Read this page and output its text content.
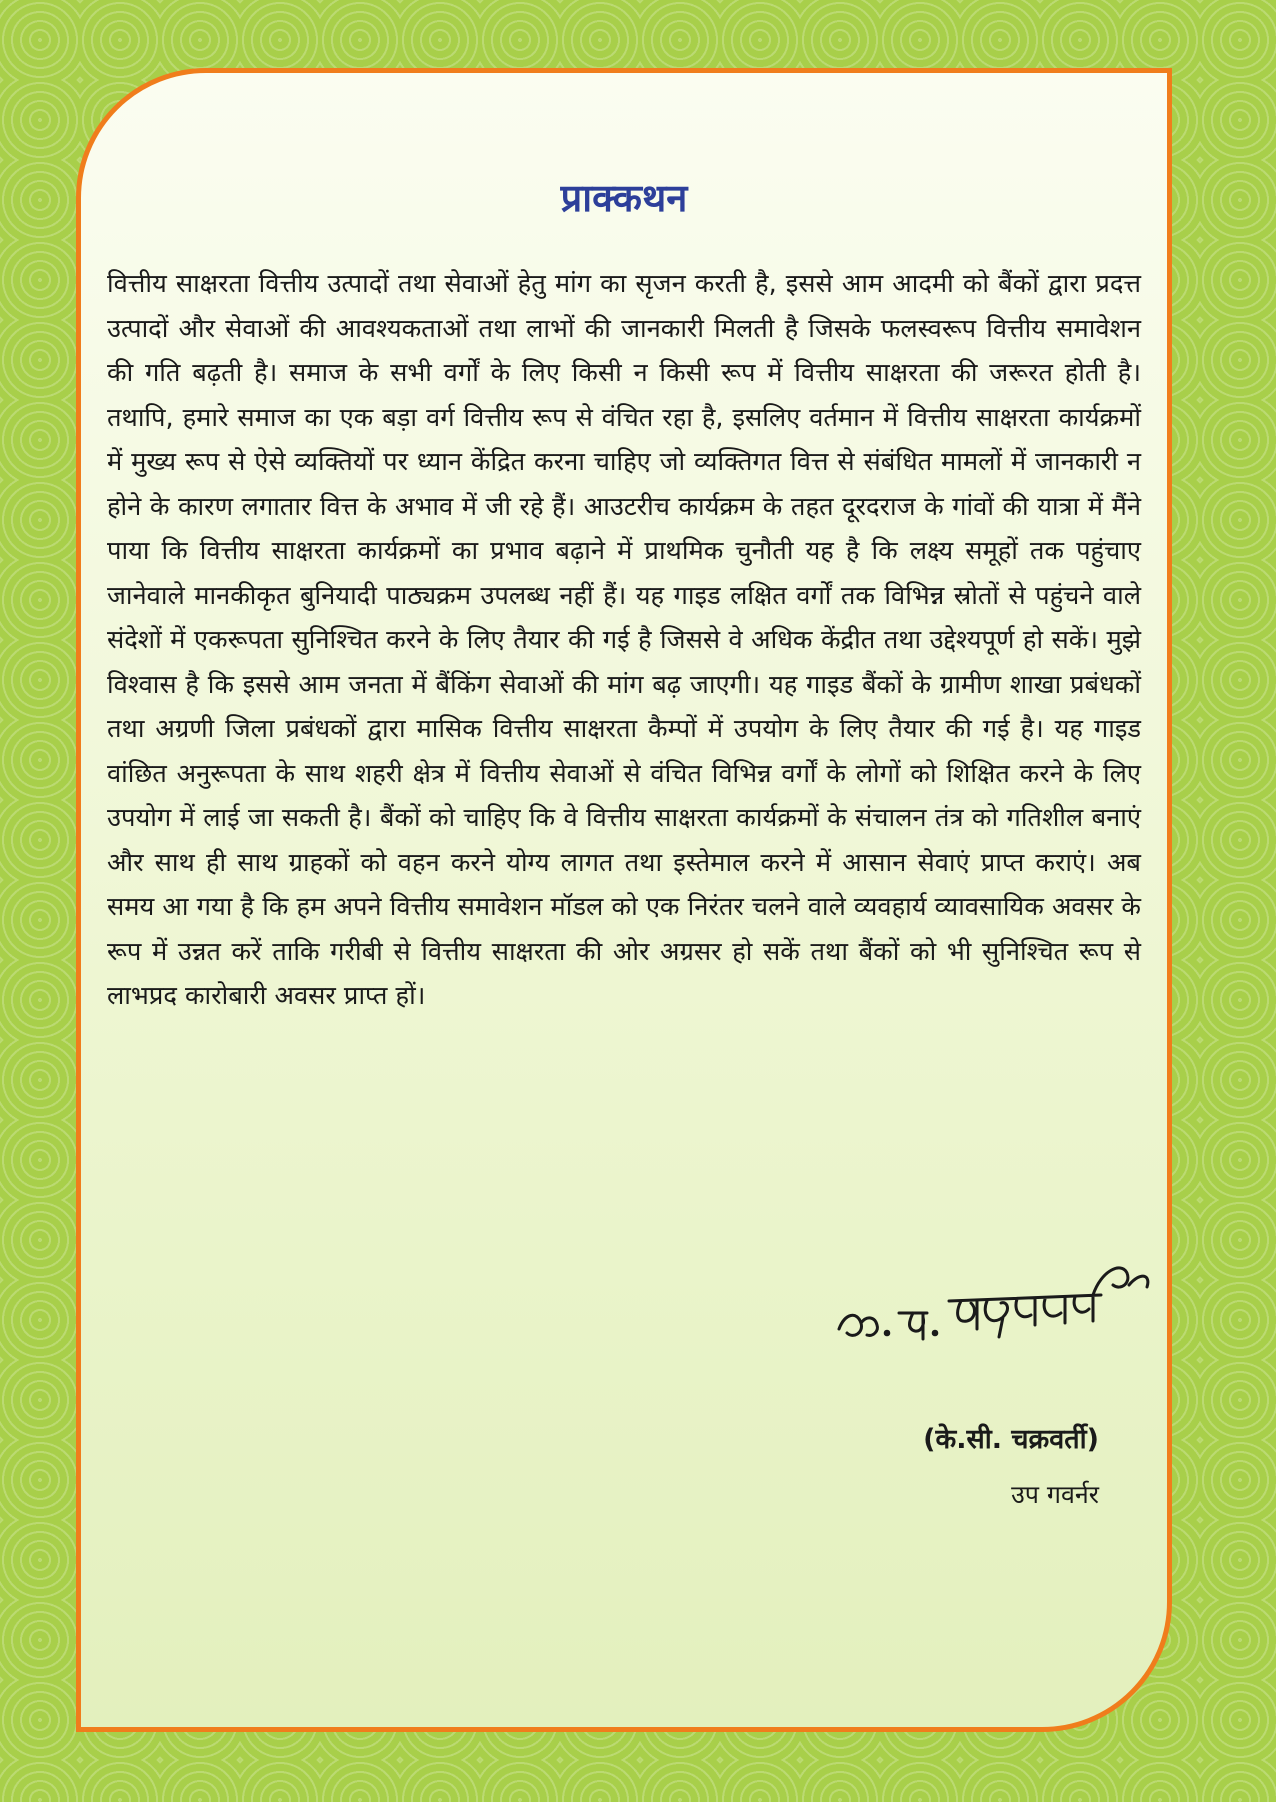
प्राक्कथन

वित्तीय साक्षरता वित्तीय उत्पादों तथा सेवाओं हेतु मांग का सृजन करती है, इससे आम आदमी को बैंकों द्वारा प्रदत्त उत्पादों और सेवाओं की आवश्यकताओं तथा लाभों की जानकारी मिलती है जिसके फलस्वरूप वित्तीय समावेशन की गति बढ़ती है। समाज के सभी वर्गों के लिए किसी न किसी रूप में वित्तीय साक्षरता की जरूरत होती है। तथापि, हमारे समाज का एक बड़ा वर्ग वित्तीय रूप से वंचित रहा है, इसलिए वर्तमान में वित्तीय साक्षरता कार्यक्रमों में मुख्य रूप से ऐसे व्यक्तियों पर ध्यान केंद्रित करना चाहिए जो व्यक्तिगत वित्त से संबंधित मामलों में जानकारी न होने के कारण लगातार वित्त के अभाव में जी रहे हैं। आउटरीच कार्यक्रम के तहत दूरदराज के गांवों की यात्रा में मैंने पाया कि वित्तीय साक्षरता कार्यक्रमों का प्रभाव बढ़ाने में प्राथमिक चुनौती यह है कि लक्ष्य समूहों तक पहुंचाए जानेवाले मानकीकृत बुनियादी पाठ्यक्रम उपलब्ध नहीं हैं। यह गाइड लक्षित वर्गों तक विभिन्न स्रोतों से पहुंचने वाले संदेशों में एकरूपता सुनिश्चित करने के लिए तैयार की गई है जिससे वे अधिक केंद्रीत तथा उद्देश्यपूर्ण हो सकें। मुझे विश्वास है कि इससे आम जनता में बैंकिंग सेवाओं की मांग बढ़ जाएगी। यह गाइड बैंकों के ग्रामीण शाखा प्रबंधकों तथा अग्रणी जिला प्रबंधकों द्वारा मासिक वित्तीय साक्षरता कैम्पों में उपयोग के लिए तैयार की गई है। यह गाइड वांछित अनुरूपता के साथ शहरी क्षेत्र में वित्तीय सेवाओं से वंचित विभिन्न वर्गों के लोगों को शिक्षित करने के लिए उपयोग में लाई जा सकती है। बैंकों को चाहिए कि वे वित्तीय साक्षरता कार्यक्रमों के संचालन तंत्र को गतिशील बनाएं और साथ ही साथ ग्राहकों को वहन करने योग्य लागत तथा इस्तेमाल करने में आसान सेवाएं प्राप्त कराएं। अब समय आ गया है कि हम अपने वित्तीय समावेशन मॉडल को एक निरंतर चलने वाले व्यवहार्य व्यावसायिक अवसर के रूप में उन्नत करें ताकि गरीबी से वित्तीय साक्षरता की ओर अग्रसर हो सकें तथा बैंकों को भी सुनिश्चित रूप से लाभप्रद कारोबारी अवसर प्राप्त हों।

(के.सी. चक्रवर्ती)
उप गवर्नर
